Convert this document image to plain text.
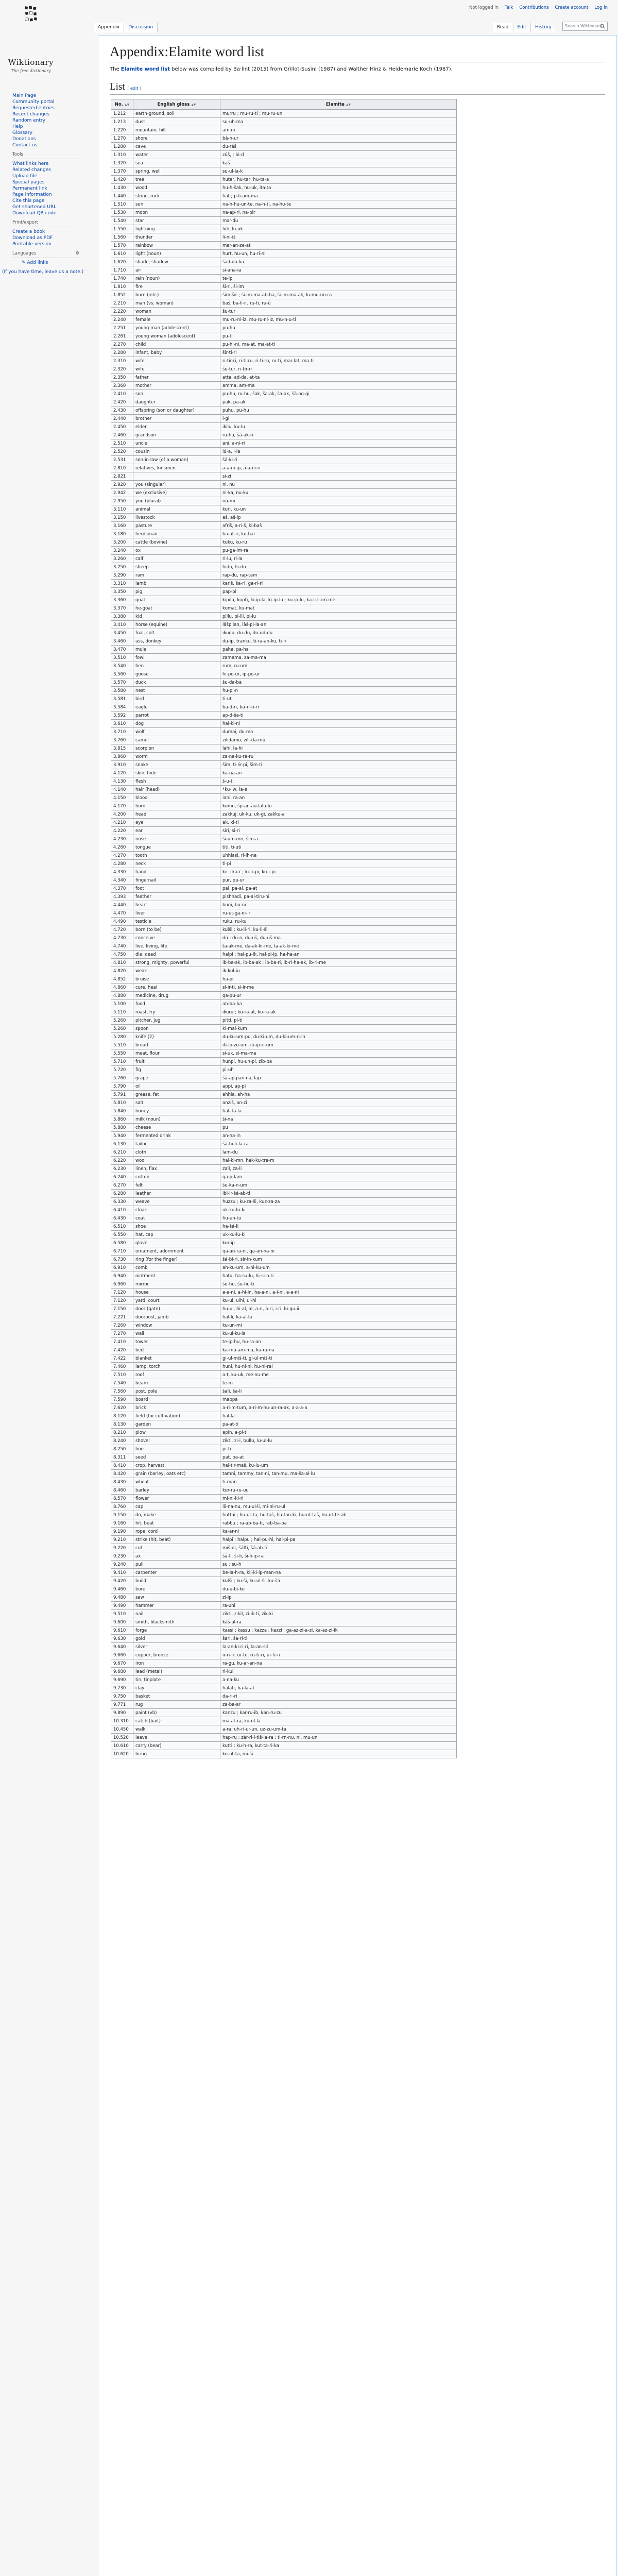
Not logged in Talk Contributions Create account Log in
Appendix	Discussion	Read	Edit	History	Search Wiktionary
Wiktionary
The free dictionary
Main Page
Community portal
Requested entries
Recent changes
Random entry
Help
Glossary
Donations
Contact us
Tools
What links here
Related changes
Upload file
Special pages
Permanent link
Page information
Cite this page
Get shortened URL
Download QR code
Print/export
Create a book
Download as PDF
Printable version
Languages	⚙
✎ Add links
(If you have time, leave us a note.)
Appendix:Elamite word list

The Elamite word list below was compiled by Ba·lint (2015) from Grillot-Susini (1987) and Walther Hinz & Heidemarie Koch (1987).

List [ edit ]
No. ▲▼	English gloss ▲▼	Elamite ▲▼
1.212	earth-ground, soil	murru ; mu-ru-ti ; mu-ru-un
1.213	dust	su-uh-ma
1.220	mountain, hill	am-ni
1.270	shore	bâ-n-ur
1.280	cave	du-ráš
1.310	water	zúš, ; bi-d
1.320	sea	kaš
1.370	spring, well	su-ul-la-k
1.420	tree	hutar, hu-tar, hu-ta-a
1.430	wood	hu-h-šak, hu-uk, ita-ta
1.440	stone, rock	hat ; p-li-am-ma
1.510	sun	na-h-hu-un-te, na-h-ti, na-hu-te
1.530	moon	na-ap-ri, na-pir
1.540	star	mar-du
1.550	lightning	luh, lu-uk
1.560	thunder	li-ni-iš
1.570	rainbow	mar-an-ze-at
1.610	light (noun)	hurt, hu-un, hu-ri-ni
1.620	shade, shadow	šad-da-ka
1.710	air	si-ana-ia
1.740	rain (noun)	te-ip
1.810	fire	ši-ri, ši-im
1.852	burn (intr.)	šim-šir ; ši-im-ma-ab-ba, ši-im-ma-ak, lu-mu-un-ra
2.210	man (vs. woman)	baš, ba-li-ir, ru-ti, ru-ú
2.220	woman	šu-tur
2.240	female	mu-ru-ni-iz, mu-ru-ni-iz, mu-n-u-ti
2.251	young man (adolescent)	pu-hu
2.261	young woman (adolescent)	pu-ti
2.270	child	pu-hi-ni, ma-at, ma-at-ti
2.280	infant, baby	šir-ti-ri
2.310	wife	ri-tir-ri, ri-ti-ru, ri-ti-ru, ru-ti, mar-lat, ma-ti
2.320	wife	šu-tur, ri-tir-ri
2.350	father	atta, ad-da, at-ta
2.360	mother	amma, am-ma
2.410	son	pu-hu, ru-hu, šak, ša-ak, ša-ak, šá-ag-gi
2.420	daughter	pak, pa-ak
2.430	offspring (son or daughter)	puhu, pu-hu
2.440	brother	i-gi
2.450	elder	ikilu, ku-lu
2.460	grandson	ru-hu, šá-ak-ri
2.510	uncle	ani, a-ni-ri
2.520	cousin	lú-a, l-la
2.531	son-in-law (of a woman)	šá-ki-ri
2.810	relatives, kinsmen	a-a-ni-ip, a-a-ni-ri
2.821		si-zi
2.920	you (singular)	ni, nu
2.942	we (exclusive)	ni-ka, nu-ku
2.950	you (plural)	nu-mi
3.110	animal	kuri, ku-un
3.150	livestock	aš, aš-ip
3.160	pasture	afriš, a-ri-š, ki-baš
3.180	herdsman	ba-at-ri, ku-bar
3.200	cattle (bovine)	kuku, ku-ru
3.240	ox	pu-ga-im-ra
3.260	calf	ri-lu, ri-la
3.250	sheep	hidu, hi-du
3.290	ram	rap-du, rap-tam
3.310	lamb	kariš, ša-ri, ga-ri-ri
3.350	pig	pap-pi
3.360	goat	kipilu, kupti, ki-ip-la, ki-ip-lu ; ku-ip-lu, ka-li-li-im-me
3.370	he-goat	kumat, ku-mat
3.380	kid	pillu, pi-lli, pi-lu
3.410	horse (equine)	lâšpilan, lâš-pi-la-an
3.450	foal, colt	ikudu, du-du, du-ud-du
3.460	ass, donkey	du-ip, tranku, ti-ra-an-ku, ti-ri
3.470	mule	paha, pa-ha
3.510	fowl	zamama, za-ma-ma
3.540	hen	rum, ru-um
3.560	goose	hi-po-ur, ip-po-ur
3.570	duck	šu-da-ba
3.580	nest	hu-pi-n
3.581	bird	ti-ut
3.584	eagle	ba-d-ri, ba-ri-ri-ri
3.592	parrot	ap-d-ša-ti
3.610	dog	hal-ki-ni
3.710	wolf	dumai, du-ma
3.760	camel	zilidamu, zili-da-mu
3.815	scorpion	lahi, la-hi
3.860	worm	za-na-ku-ra-ru
3.910	snake	šim, ti-lir-pi, šim-ti
4.120	skin, hide	ka-na-an
4.130	flesh	š-u-ti
4.140	hair (head)	*ku-iw, la-e
4.150	blood	iani, ra-an
4.170	horn	kumu, šp-an-au-lalu-lu
4.200	head	zakkuj, uk-ku, uk-gi, zakku-a
4.210	eye	ak, ki-ti
4.220	ear	siri, si-ri
4.230	nose	ši-um-mn, šim-a
4.260	tongue	titi, ti-uti
4.270	tooth	uhhiasi, ri-ih-na
4.280	neck	ti-pi
4.330	hand	kir ; ka-r ; ki-ri-pi, ku-r-pi
4.340	fingernail	pur, pu-ur
4.370	foot	pal, pa-al, pa-at
4.393	feather	pishnadi, pa-al-tiru-ni
4.440	heart	buni, bu-ni
4.470	liver	ru-ut-ga-ni-ir
4.490	testicle	ruku, ru-ku
4.720	born (to be)	kulši ; ku-li-ri, ku-li-ši
4.730	conceive	dú ; du-n, du-uš, du-uš-ma
4.740	live, living, life	ta-ak-me, da-ak-ki-me, ta-ak-ki-me
4.750	die, dead	halpi ; hal-pu-ik, hal-pi-ip, ha-ha-an
4.810	strong, mighty, powerful	ib-ba-ak, ib-ba-ak ; ib-ba-ri, ib-ri-ha-ak, ib-ri-me
4.820	weak	ik-kul-iu
4.852	bruise	ha-pi
4.860	cure, heal	si-ir-ti, si-ir-me
4.880	medicine, drug	qa-pu-ur
5.100	food	ab-ba-ba
5.110	roast, fry	ikuru ; ku-ra-at, ku-ra-ak
5.260	pitcher, jug	pitti, pi-ti
5.260	spoon	ki-mal-kum
5.280	knife (2)	du-ku-um-pu, du-ki-um, du-ki-um-ri-in
5.510	bread	iti-ip-zu-um, iti-ip-ri-um
5.550	meat, flour	si-uk, si-ma-ma
5.710	fruit	hunpi, hu-un-pi, zib-ba
5.720	fig	pi-uh
5.760	grape	šá-ap-pan-na, lap
5.790	oil	appi, ap-pi
5.791	grease, fat	ahhia, ah-ha
5.810	salt	anziš, an-zi
5.840	honey	hal- la-la
5.860	milk (noun)	ši-na
5.880	cheese	pu
5.940	fermented drink	an-na-in
6.130	tailor	šá-hi-li-la-ra
6.210	cloth	lam-du
6.220	wool	hal-ki-mn, hak-ku-tra-m
6.230	linen, flax	zall, za-li
6.240	cotton	ga-p-lam
6.270	felt	šu-ka-n-um
6.280	leather	ibi-ir-šá-ab-ti
6.330	weave	huzzu ; ku-za-ši, kuz-za-za
6.410	cloak	uk-ku-lu-ki
6.430	coat	hu-un-tu
6.510	shoe	ha-šá-li
6.550	hat, cap	uk-ku-lu-ki
6.580	glove	kur-ip
6.710	ornament, adornment	qa-an-ra-ni, qa-an-na-ni
6.730	ring (for the finger)	šá-bi-ri, sir-in-kum
6.910	comb	ah-ku-um, a-ni-ku-um
6.940	ointment	hatu, ha-su-lu, hi-si-n-ti
6.960	mirror	šu-hu, šu-hu-ti
7.120	house	a-a-ni, a-hi-in, ha-a-ni, a-i-ni, a-a-ni
7.120	yard, court	ku-ul, ulhi, ul-hi
7.150	door (gate)	hu-ul, hi-al, al, a-ri, a-ri, i-ri, lu-gu-ii
7.221	doorpost, jamb	hal-li, ka-al-la
7.260	window	ku-un-mi
7.270	wall	ku-ul-ku-la
7.410	tower	te-ip-hu, hu-ra-an
7.420	bed	ka-mu-am-ma, ka-ra-na
7.422	blanket	gi-ul-miš-ti, gi-ul-miš-ti
7.460	lamp, torch	huni, hu-ni-ni, hu-ni-rai
7.510	roof	a-t, ku-uk, me-nu-me
7.540	beam	te-m
7.560	post, pole	šali, ša-li
7.590	board	mappa
7.620	brick	a-ri-m-tum, a-ri-m-hu-un-ra-ak, a-a-a-a
8.120	field (for cultivation)	hal-la
8.130	garden	pa-at-ti
8.210	plow	apin, a-pi-ti
8.240	shovel	zikti, zi-i, bullu, lu-ul-lu
8.250	hoe	pi-ti
8.311	seed	pat, pa-at
8.410	crop, harvest	hal-tir-maš, ku-lu-um
8.420	grain (barley, oats etc)	tamni, tammy, tan-ni, tan-mu, ma-ša-al-lu
8.430	wheat	ti-man
8.460	barley	kur-ru-ru-uu
8.570	flower	mi-ni-ki-ri
8.760	cap	lii-na-nu, mu-ul-li, mi-nl-ru-ul
9.150	do, make	huttai ; hu-ut-ta, hu-taš, hu-tan-ki, hu-ut-taš, hu-ut-te-ak
9.160	hit, beat	rabbu ; ra-ab-ba-ti, rab-ba-pa
9.190	rope, cord	ka-ar-ni
9.210	strike (hit, beat)	halpi ; halpu ; hal-pu-hi, hal-pi-pa
9.220	cut	miš-di, šáfti, šá-ab-ti
9.230	ax	šá-li, ši-li, ši-li-ip-ra
9.240	pull	su ; su-h
9.410	carpenter	be-la-h-ra, kil-ki-ip-man-na
9.420	build	kulši ; ku-ši, ku-ul-ši, ku-šá
9.460	bore	du-u-bi-ke
9.480	saw	zi-ip
9.490	hammer	ra-uhi
9.510	nail	zikti, zikil, zi-ik-ti, zik-ki
9.600	smith, blacksmith	kâš-al-ra
9.610	forge	kassi ; kassu ; kazza ; kazzi ; ga-az-zi-a-zi, ka-az-zi-ik
9.630	gold	šari, ša-ri-ti
9.640	silver	la-an-ki-ri-ri, la-an-sil
9.660	copper, bronze	ir-ri-ri, ur-te, ru-ti-ri, ur-ti-ri
9.670	iron	ra-gu, ku-ar-an-na
9.680	lead (metal)	ri-kul
9.690	tin, tinplate	a-na-ku
9.730	clay	halati, ha-la-at
9.750	basket	da-ri-ri
9.771	rug	za-ba-ar
9.890	paint (vb)	kanzu ; kar-ru-ib, kan-ru-zu
10.310	catch (bait)	ma-at-ra, ku-ul-la
10.450	walk	a-ra, uh-ri-ur-un, uz-zu-um-ta
10.520	leave	hap-ru ; zár-ri-i-tiš-ia-ra ; ti-rn-nu, ni, mu-un
10.610	carry (bear)	kutti ; ku-h-ra, kut-ta-ri-ka
10.620	bring	ku-ut-ta, mi-ši
